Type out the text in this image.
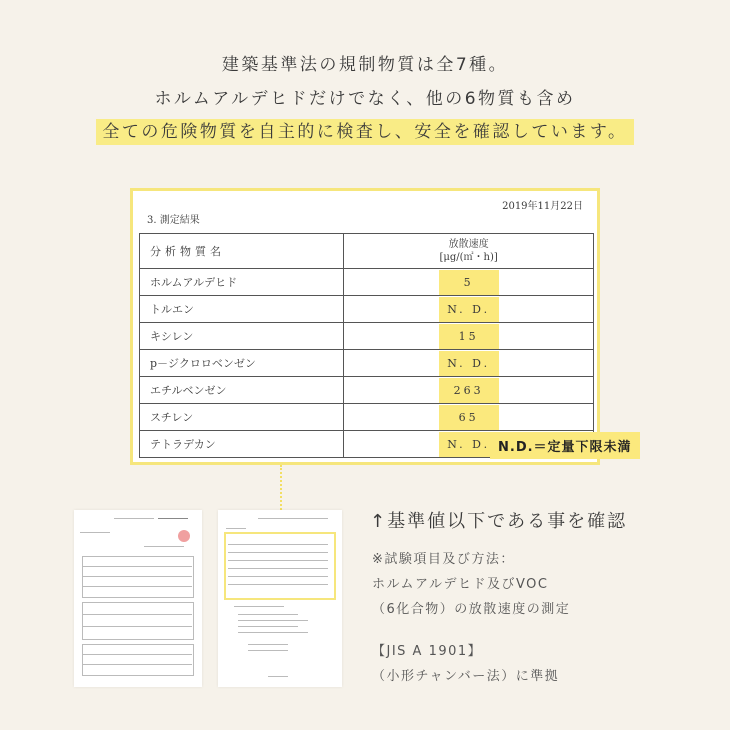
建築基準法の規制物質は全7種。
ホルムアルデヒドだけでなく、他の6物質も含め
全ての危険物質を自主的に検査し、安全を確認しています。
2019年11月22日
3. 測定結果
分析物質名	放散速度
[μg/(㎡・h)]

ホルムアルデヒド	5
トルエン	N. D.
キシレン	15
p－ジクロロベンゼン	N. D.
エチルベンゼン	263
スチレン	65
テトラデカン	N. D. N.D.＝定量下限未満
↑基準値以下である事を確認
※試験項目及び方法：
ホルムアルデヒド及びVOC
（6化合物）の放散速度の測定
【JIS A 1901】
（小形チャンバー法）に準拠
